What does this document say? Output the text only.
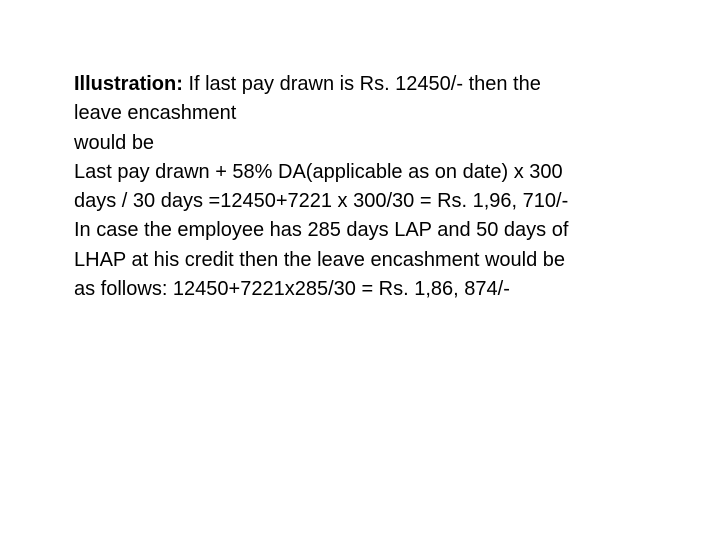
Illustration: If last pay drawn is Rs. 12450/- then the
leave encashment
would be
Last pay drawn + 58% DA(applicable as on date) x 300
days / 30 days =12450+7221 x 300/30 = Rs. 1,96, 710/-
In case the employee has 285 days LAP and 50 days of
LHAP at his credit then the leave encashment would be
as follows: 12450+7221x285/30 = Rs. 1,86, 874/-
